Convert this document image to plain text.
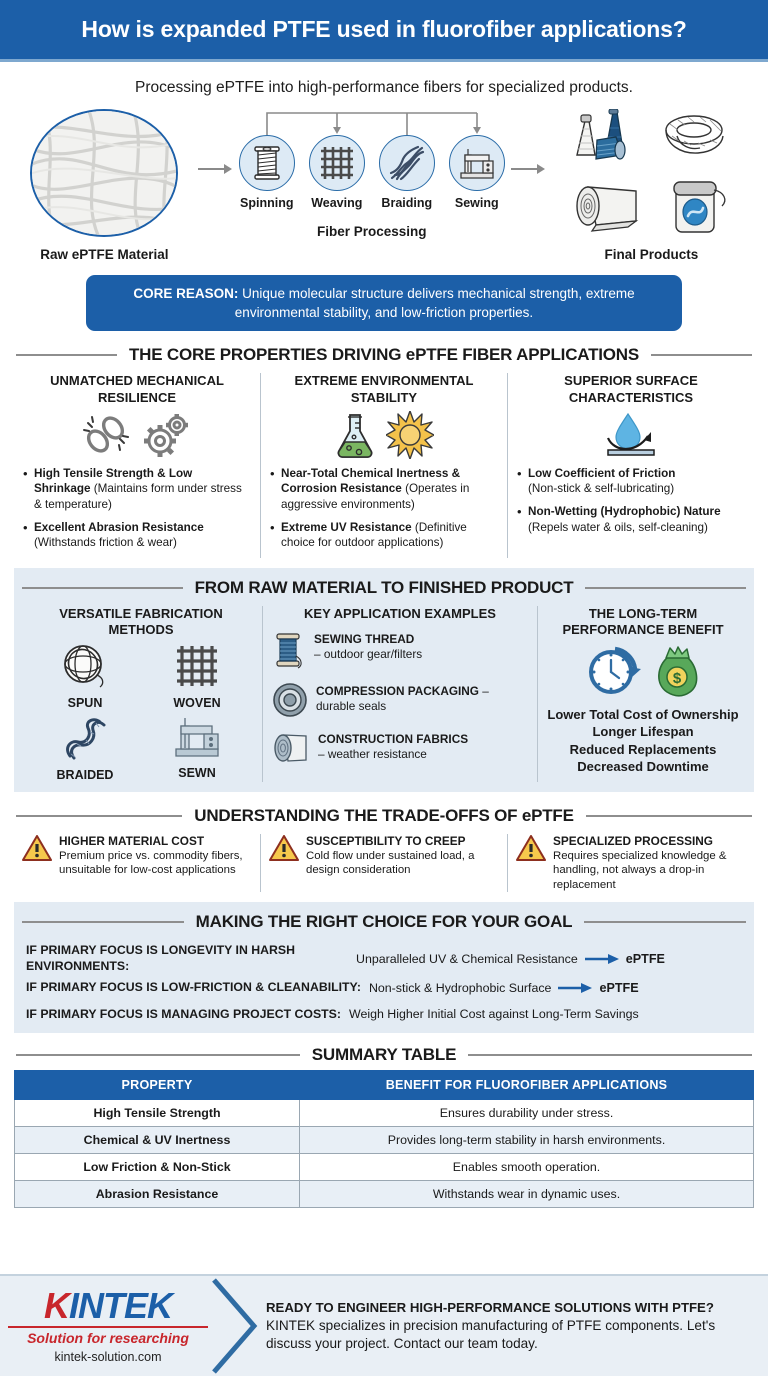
How is expanded PTFE used in fluorofiber applications?
Processing ePTFE into high-performance fibers for specialized products.
Raw ePTFE Material
Spinning Weaving Braiding Sewing
Fiber Processing
Final Products
CORE REASON: Unique molecular structure delivers mechanical strength, extreme environmental stability, and low-friction properties.
THE CORE PROPERTIES DRIVING ePTFE FIBER APPLICATIONS
UNMATCHED MECHANICAL RESILIENCE
• High Tensile Strength & Low Shrinkage (Maintains form under stress & temperature)
• Excellent Abrasion Resistance (Withstands friction & wear)
EXTREME ENVIRONMENTAL STABILITY
• Near-Total Chemical Inertness & Corrosion Resistance (Operates in aggressive environments)
• Extreme UV Resistance (Definitive choice for outdoor applications)
SUPERIOR SURFACE CHARACTERISTICS
• Low Coefficient of Friction
(Non-stick & self-lubricating)
• Non-Wetting (Hydrophobic) Nature
(Repels water & oils, self-cleaning)
FROM RAW MATERIAL TO FINISHED PRODUCT
VERSATILE FABRICATION METHODS
SPUN	WOVEN
BRAIDED	SEWN
KEY APPLICATION EXAMPLES
SEWING THREAD
– outdoor gear/filters
COMPRESSION PACKAGING – durable seals
CONSTRUCTION FABRICS
– weather resistance
THE LONG-TERM PERFORMANCE BENEFIT
$
Lower Total Cost of Ownership
Longer Lifespan
Reduced Replacements
Decreased Downtime
UNDERSTANDING THE TRADE-OFFS OF ePTFE
HIGHER MATERIAL COST
Premium price vs. commodity fibers, unsuitable for low-cost applications
SUSCEPTIBILITY TO CREEP
Cold flow under sustained load, a design consideration
SPECIALIZED PROCESSING
Requires specialized knowledge & handling, not always a drop-in replacement
MAKING THE RIGHT CHOICE FOR YOUR GOAL
IF PRIMARY FOCUS IS LONGEVITY IN HARSH ENVIRONMENTS:	Unparalleled UV & Chemical Resistance	ePTFE
IF PRIMARY FOCUS IS LOW-FRICTION & CLEANABILITY: Non-stick & Hydrophobic Surface	ePTFE
IF PRIMARY FOCUS IS MANAGING PROJECT COSTS: Weigh Higher Initial Cost against Long-Term Savings
SUMMARY TABLE
PROPERTY	BENEFIT FOR FLUOROFIBER APPLICATIONS
High Tensile Strength	Ensures durability under stress.
Chemical & UV Inertness	Provides long-term stability in harsh environments.
Low Friction & Non-Stick	Enables smooth operation.
Abrasion Resistance	Withstands wear in dynamic uses.
KINTEK
Solution for researching
kintek-solution.com
READY TO ENGINEER HIGH-PERFORMANCE SOLUTIONS WITH PTFE?
KINTEK specializes in precision manufacturing of PTFE components. Let's discuss your project. Contact our team today.
